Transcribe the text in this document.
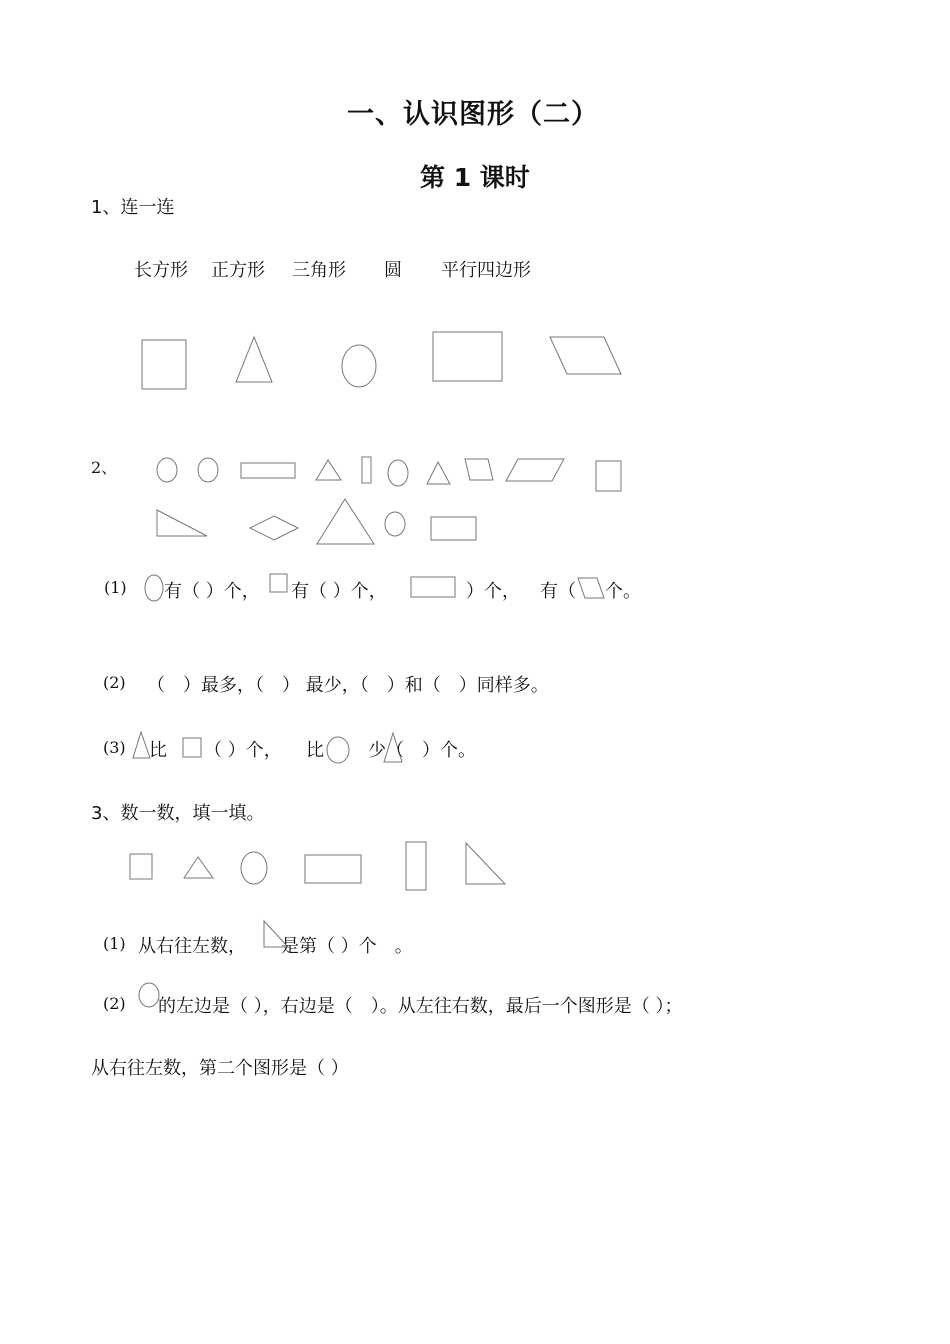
一、认识图形（二）
第 1 课时
1、连一连
长方形 正方形 三角形 圆 平行四边形
2、
(1) 有（ ）个， 有（ ）个，	）个， 有（ 个。
(2) （　）最多，（　） 最少，（　）和（　）同样多。
(3) 比 （ ）个， 比 少（　）个。
3、数一数，填一填。
(1) 从右往左数， 是第（ ）个　。
(2) 的左边是（ ），右边是（　）。从左往右数，最后一个图形是（ ）；
从右往左数，第二个图形是（ ）
